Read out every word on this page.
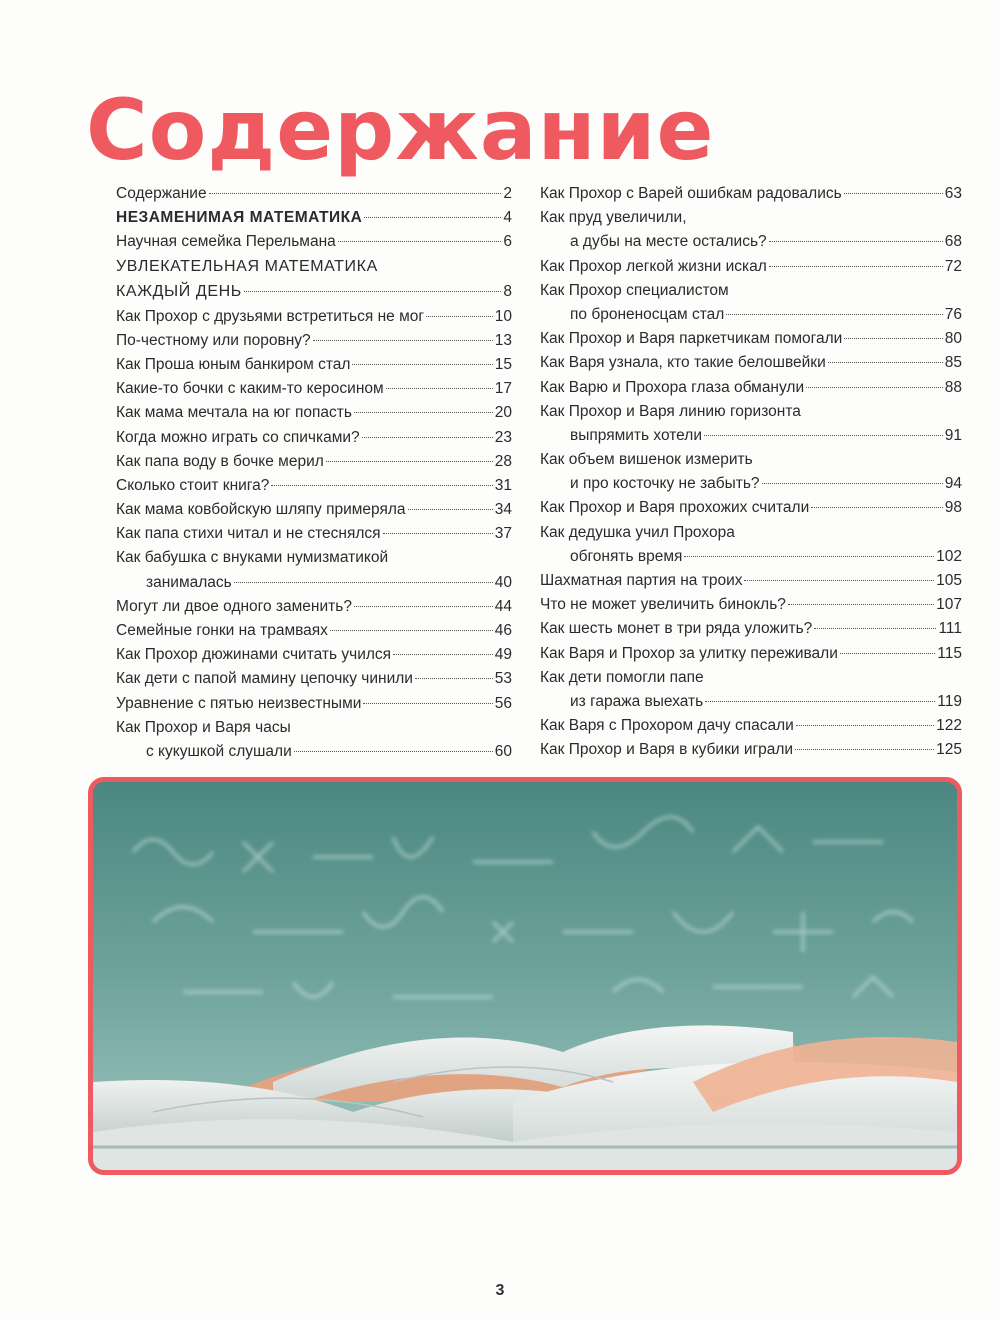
Содержание
Содержание	2
НЕЗАМЕНИМАЯ МАТЕМАТИКА	4
Научная семейка Перельмана	6
УВЛЕКАТЕЛЬНАЯ МАТЕМАТИКА
КАЖДЫЙ ДЕНЬ	8
Как Прохор с друзьями встретиться не мог	10
По-честному или поровну?	13
Как Проша юным банкиром стал	15
Какие-то бочки с каким-то керосином	17
Как мама мечтала на юг попасть	20
Когда можно играть со спичками?	23
Как папа воду в бочке мерил	28
Сколько стоит книга?	31
Как мама ковбойскую шляпу примеряла	34
Как папа стихи читал и не стеснялся	37
Как бабушка с внуками нумизматикой
занималась	40
Могут ли двое одного заменить?	44
Семейные гонки на трамваях	46
Как Прохор дюжинами считать учился	49
Как дети с папой мамину цепочку чинили	53
Уравнение с пятью неизвестными	56
Как Прохор и Варя часы
с кукушкой слушали	60
Как Прохор с Варей ошибкам радовались	63
Как пруд увеличили,
а дубы на месте остались?	68
Как Прохор легкой жизни искал	72
Как Прохор специалистом
по броненосцам стал	76
Как Прохор и Варя паркетчикам помогали	80
Как Варя узнала, кто такие белошвейки	85
Как Варю и Прохора глаза обманули	88
Как Прохор и Варя линию горизонта
выпрямить хотели	91
Как объем вишенок измерить
и про косточку не забыть?	94
Как Прохор и Варя прохожих считали	98
Как дедушка учил Прохора
обгонять время	102
Шахматная партия на троих	105
Что не может увеличить бинокль?	107
Как шесть монет в три ряда уложить?	111
Как Варя и Прохор за улитку переживали	115
Как дети помогли папе
из гаража выехать	119
Как Варя с Прохором дачу спасали	122
Как Прохор и Варя в кубики играли	125
3
